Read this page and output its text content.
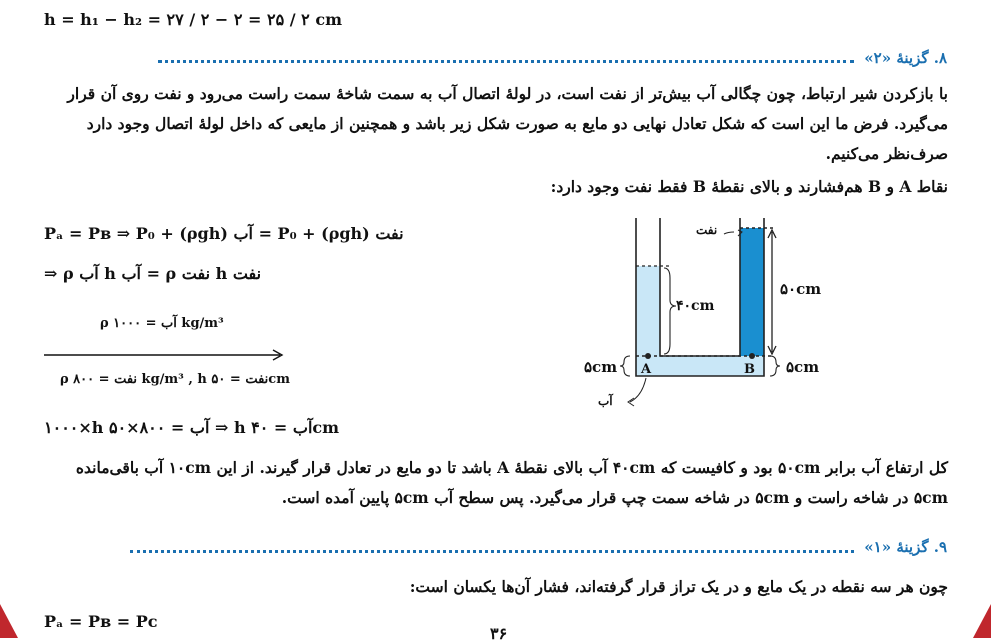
h = h₁ − h₂ = ۲۷ / ۲ − ۲ = ۲۵ / ۲ cm
۸. گزینهٔ «۲»
با بازکردن شیر ارتباط، چون چگالی آب بیش‌تر از نفت است، در لولهٔ اتصال آب به سمت شاخهٔ سمت راست می‌رود و نفت روی آن قرار می‌گیرد. فرض ما این است که شکل تعادل نهایی دو مایع به صورت شکل زیر باشد و همچنین از مایعی که داخل لولهٔ اتصال وجود دارد صرف‌نظر می‌کنیم.
نقاط A و B هم‌فشارند و بالای نقطهٔ B فقط نفت وجود دارد:
Pₐ = Pʙ ⇒ P₀ + (ρgh) آب = P₀ + (ρgh) نفت
⇒ ρ آب h آب = ρ نفت h نفت
ρ آب = ۱۰۰۰ kg/m³
ρ نفت = ۸۰۰ kg/m³ , h نفت = ۵۰cm
۱۰۰۰×h آب = ۸۰۰×۵۰ ⇒ h آب = ۴۰cm
نفت
آب
۴۰cm
۵۰cm
۵cm	۵cm
A	B
کل ارتفاع آب برابر ۵۰cm بود و کافیست که ۴۰cm آب بالای نقطهٔ A باشد تا دو مایع در تعادل قرار گیرند. از این ۱۰cm آب باقی‌مانده ۵cm در شاخه راست و ۵cm در شاخه سمت چپ قرار می‌گیرد. پس سطح آب ۵cm پایین آمده است.
۹. گزینهٔ «۱»
چون هر سه نقطه در یک مایع و در یک تراز قرار گرفته‌اند، فشار آن‌ها یکسان است:
Pₐ = Pʙ = Pᴄ
۳۶
